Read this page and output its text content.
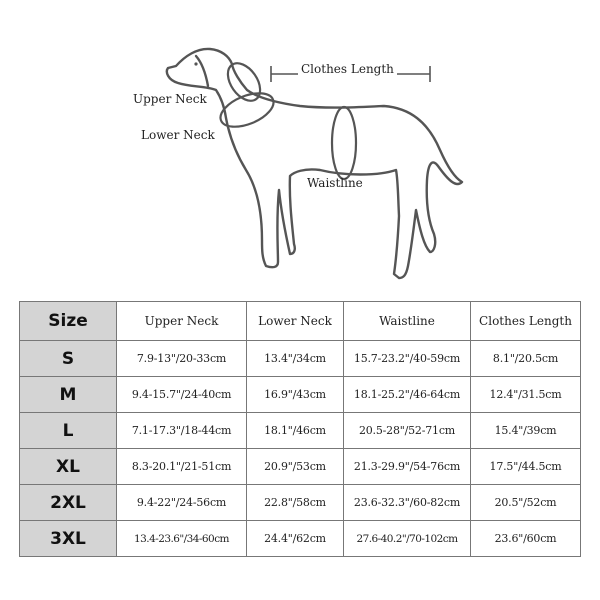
Clothes Length
Upper Neck
Lower Neck
Waistline
Size	Upper Neck	Lower Neck	Waistline	Clothes Length
S	7.9-13"/20-33cm	13.4"/34cm	15.7-23.2"/40-59cm	8.1"/20.5cm
M	9.4-15.7"/24-40cm	16.9"/43cm	18.1-25.2"/46-64cm	12.4"/31.5cm
L	7.1-17.3"/18-44cm	18.1"/46cm	20.5-28"/52-71cm	15.4"/39cm
XL	8.3-20.1"/21-51cm	20.9"/53cm	21.3-29.9"/54-76cm	17.5"/44.5cm
2XL	9.4-22"/24-56cm	22.8"/58cm	23.6-32.3"/60-82cm	20.5"/52cm
3XL	13.4-23.6"/34-60cm	24.4"/62cm	27.6-40.2"/70-102cm	23.6"/60cm
